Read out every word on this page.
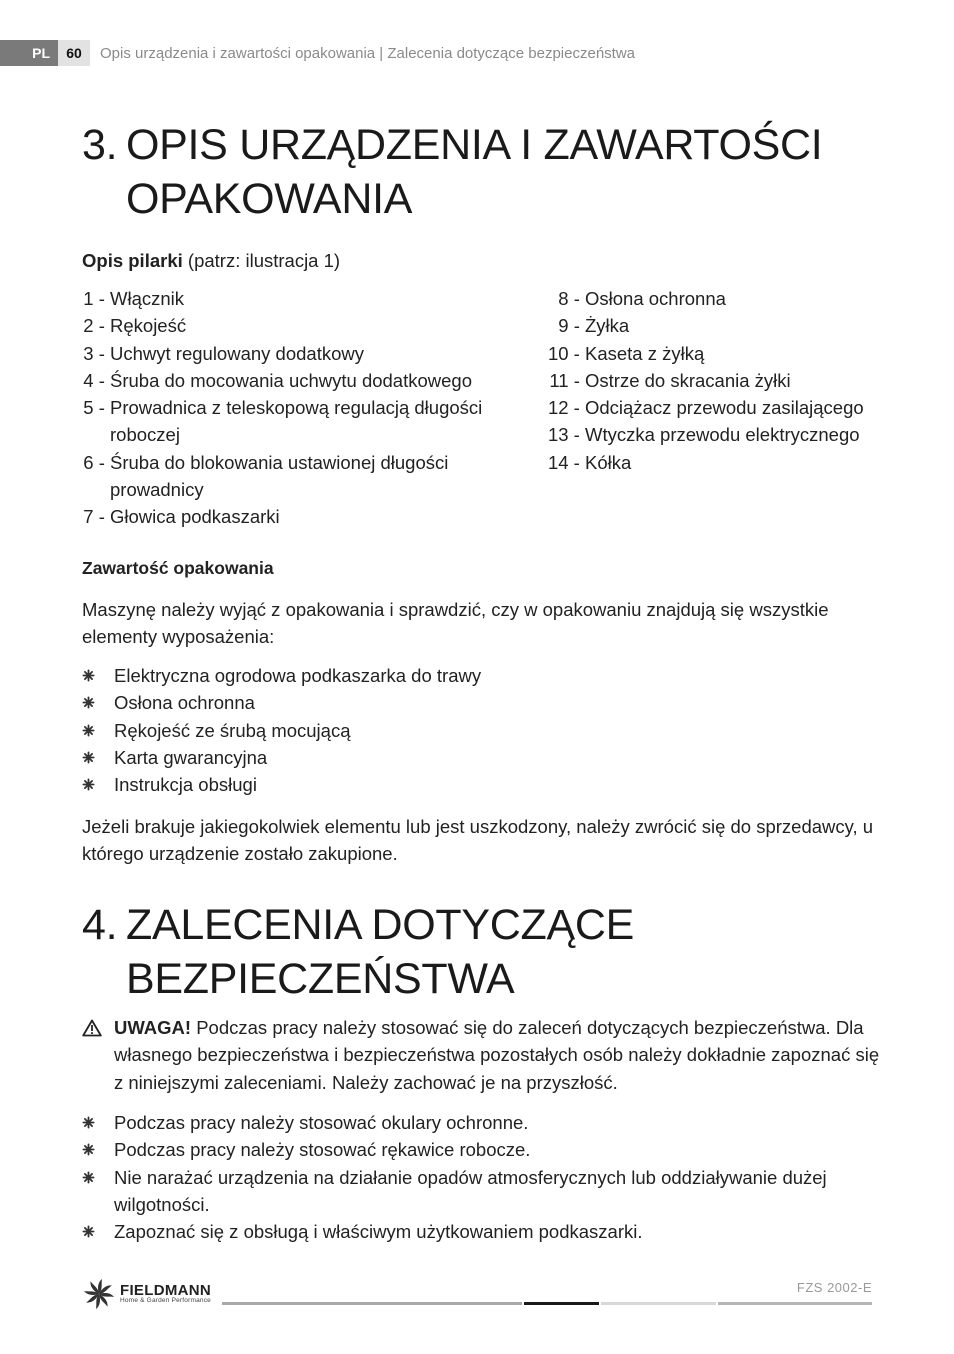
PL	60	Opis urządzenia i zawartości opakowania | Zalecenia dotyczące bezpieczeństwa
3. OPIS URZĄDZENIA I ZAWARTOŚCI
OPAKOWANIA

Opis pilarki (patrz: ilustracja 1)

1 - Włącznik
2 - Rękojeść
3 - Uchwyt regulowany dodatkowy
4 - Śruba do mocowania uchwytu dodatkowego
5 - Prowadnica z teleskopową regulacją długości roboczej
6 - Śruba do blokowania ustawionej długości prowadnicy
7 - Głowica podkaszarki
8 - Osłona ochronna
9 - Żyłka
10 - Kaseta z żyłką
11 - Ostrze do skracania żyłki
12 - Odciążacz przewodu zasilającego
13 - Wtyczka przewodu elektrycznego
14 - Kółka

Zawartość opakowania

Maszynę należy wyjąć z opakowania i sprawdzić, czy w opakowaniu znajdują się wszystkie elementy wyposażenia:

Elektryczna ogrodowa podkaszarka do trawy
Osłona ochronna
Rękojeść ze śrubą mocującą
Karta gwarancyjna
Instrukcja obsługi

Jeżeli brakuje jakiegokolwiek elementu lub jest uszkodzony, należy zwrócić się do sprzedawcy, u którego urządzenie zostało zakupione.

4. ZALECENIA DOTYCZĄCE
BEZPIECZEŃSTWA
UWAGA! Podczas pracy należy stosować się do zaleceń dotyczących bezpieczeństwa. Dla własnego bezpieczeństwa i bezpieczeństwa pozostałych osób należy dokładnie zapoznać się z niniejszymi zaleceniami. Należy zachować je na przyszłość.
Podczas pracy należy stosować okulary ochronne.
Podczas pracy należy stosować rękawice robocze.
Nie narażać urządzenia na działanie opadów atmosferycznych lub oddziaływanie dużej wilgotności.
Zapoznać się z obsługą i właściwym użytkowaniem podkaszarki.
FIELDMANN
Home & Garden Performance
FZS 2002-E
